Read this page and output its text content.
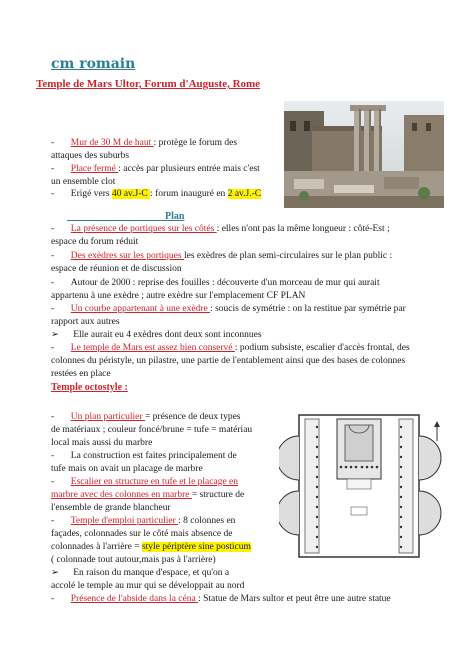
cm romain
Temple de Mars Ultor, Forum d'Auguste, Rome
- Mur de 30 M de haut : protège le forum des
attaques des suburbs
- Place fermé : accès par plusieurs entrée mais c'est
un ensemble clot
- Erigé vers 40 av.J-C : forum inauguré en 2 av.J.-C
Plan
- La présence de portiques sur les côtés : elles n'ont pas la même longueur : côté-Est ;
espace du forum réduit
- Des exèdres sur les portiques les exèdres de plan semi-circulaires sur le plan public :
espace de réunion et de discussion
- Autour de 2000 : reprise des fouilles : découverte d'un morceau de mur qui aurait
appartenu à une exèdre ; autre exèdre sur l'emplacement CF PLAN
- Un courbe appartenant à une exèdre : soucis de symétrie : on la restitue par symétrie par
rapport aux autres
➢ Elle aurait eu 4 exèdres dont deux sont inconnues
- Le temple de Mars est assez bien conservé : podium subsiste, escalier d'accès frontal, des
colonnes du péristyle, un pilastre, une partie de l'entablement ainsi que des bases de colonnes
restées en place
Temple octostyle :
- Un plan particulier = présence de deux types
de matériaux ; couleur foncé/brune = tufe = matériau
local mais aussi du marbre
- La construction est faites principalement de
tufe mais on avait un placage de marbre
- Escalier en structure en tufe et le placage en
marbre avec des colonnes en marbre = structure de
l'ensemble de grande blancheur
- Temple d'emploi particulier : 8 colonnes en
façades, colonnades sur le côté mais absence de
colonnades à l'arrière = style périptère sine posticum
( colonnade tout autour,mais pas à l'arrière)
➢ En raison du manque d'espace, et qu'on a
accolé le temple au mur qui se développait au nord
- Présence de l'abside dans la céna : Statue de Mars sultor et peut être une autre statue
